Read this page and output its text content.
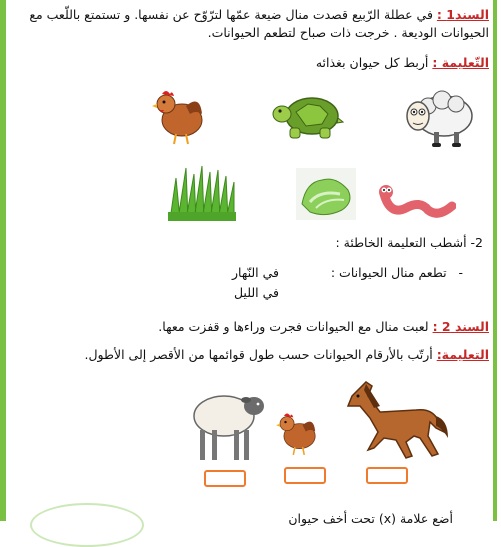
السند1 : في عطلة الرّبيع قصدت منال ضيعة عمّها لترّوّح عن نفسها. و تستمتع باللّعب مع
الحيوانات الوديعة . خرجت ذات صباح لتطعم الحيوانات.
التّعليمة : أربط كل حيوان بغذائه
2- أشطب التعليمة الخاطئة :
-   تطعم منال الحيوانات :
في النّهار
في الليل
السند 2 : لعبت منال مع الحيوانات فجرت وراءها و قفزت معها.
التعليمة: أرتّب بالأرقام الحيوانات حسب طول قوائمها من الأقصر إلى الأطول.
أضع علامة (x) تحت أخف حيوان
